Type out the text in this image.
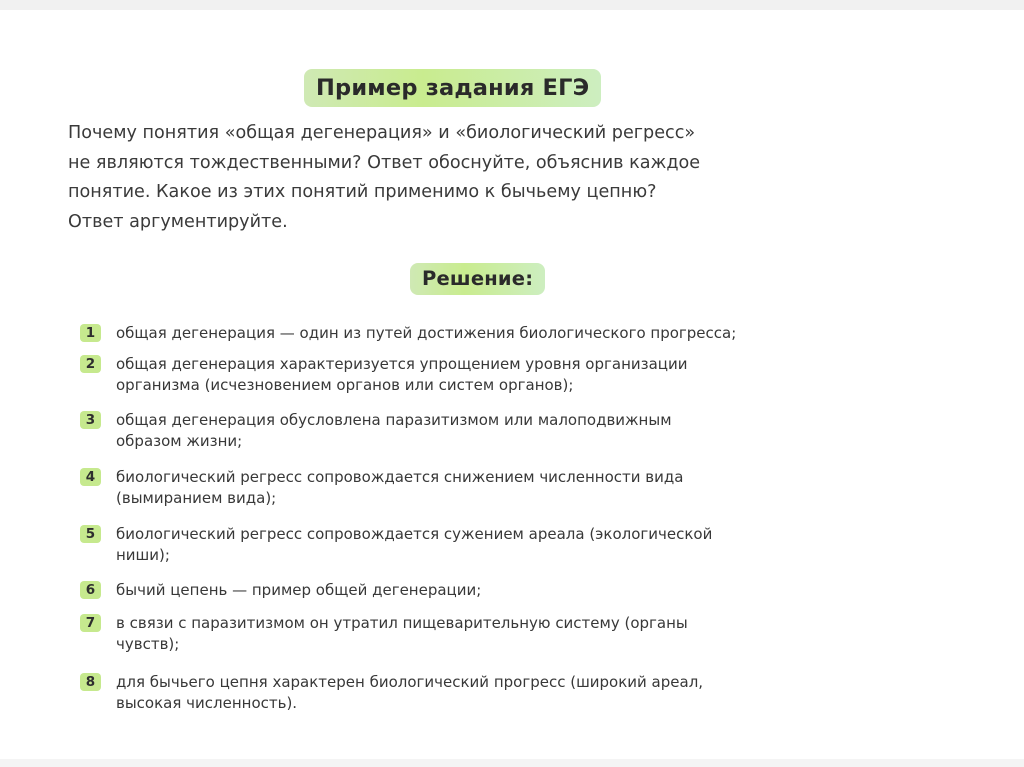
Пример задания ЕГЭ
Почему понятия «общая дегенерация» и «биологический регресс»
не являются тождественными? Ответ обоснуйте, объяснив каждое
понятие. Какое из этих понятий применимо к бычьему цепню?
Ответ аргументируйте.
Решение:
1	общая дегенерация — один из путей достижения биологического прогресса;
2	общая дегенерация характеризуется упрощением уровня организации
организма (исчезновением органов или систем органов);
3	общая дегенерация обусловлена паразитизмом или малоподвижным
образом жизни;
4	биологический регресс сопровождается снижением численности вида
(вымиранием вида);
5	биологический регресс сопровождается сужением ареала (экологической
ниши);
6	бычий цепень — пример общей дегенерации;
7	в связи с паразитизмом он утратил пищеварительную систему (органы
чувств);
8	для бычьего цепня характерен биологический прогресс (широкий ареал,
высокая численность).
